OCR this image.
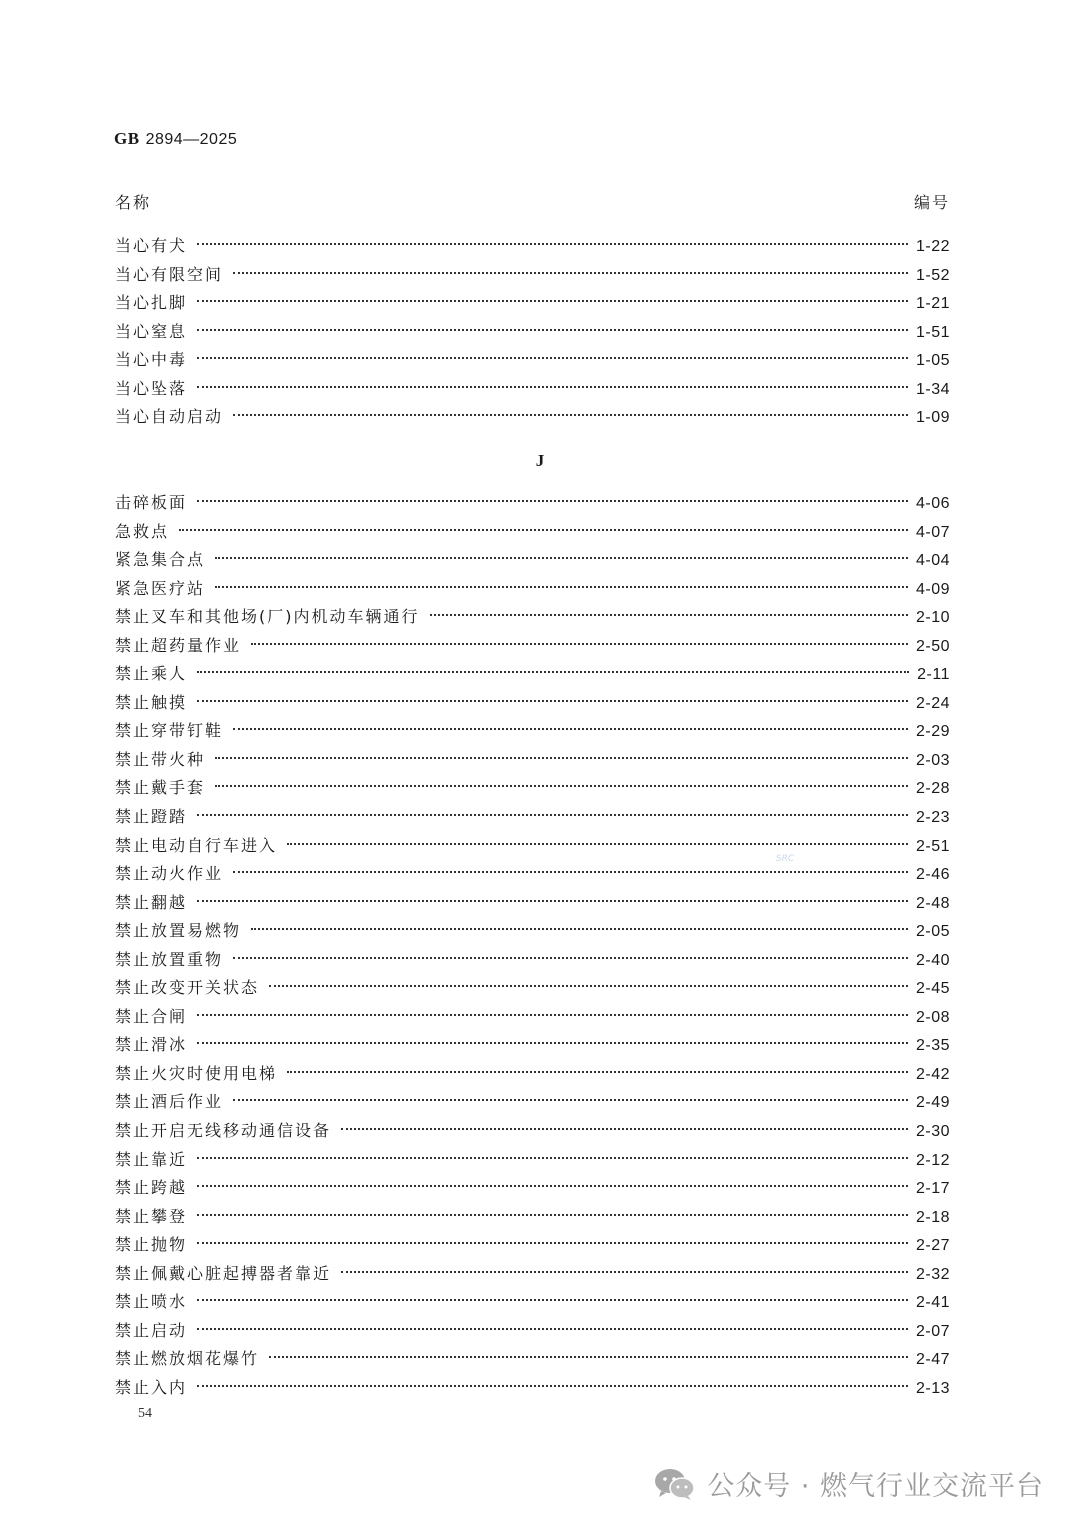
GB 2894—2025
名称	编号
当心有犬	1-22
当心有限空间	1-52
当心扎脚	1-21
当心窒息	1-51
当心中毒	1-05
当心坠落	1-34
当心自动启动	1-09
J
击碎板面	4-06
急救点	4-07
紧急集合点	4-04
紧急医疗站	4-09
禁止叉车和其他场(厂)内机动车辆通行	2-10
禁止超药量作业	2-50
禁止乘人	2-11
禁止触摸	2-24
禁止穿带钉鞋	2-29
禁止带火种	2-03
禁止戴手套	2-28
禁止蹬踏	2-23
禁止电动自行车进入	2-51
禁止动火作业	2-46
禁止翻越	2-48
禁止放置易燃物	2-05
禁止放置重物	2-40
禁止改变开关状态	2-45
禁止合闸	2-08
禁止滑冰	2-35
禁止火灾时使用电梯	2-42
禁止酒后作业	2-49
禁止开启无线移动通信设备	2-30
禁止靠近	2-12
禁止跨越	2-17
禁止攀登	2-18
禁止抛物	2-27
禁止佩戴心脏起搏器者靠近	2-32
禁止喷水	2-41
禁止启动	2-07
禁止燃放烟花爆竹	2-47
禁止入内	2-13
54
SRC
公众号 · 燃气行业交流平台
